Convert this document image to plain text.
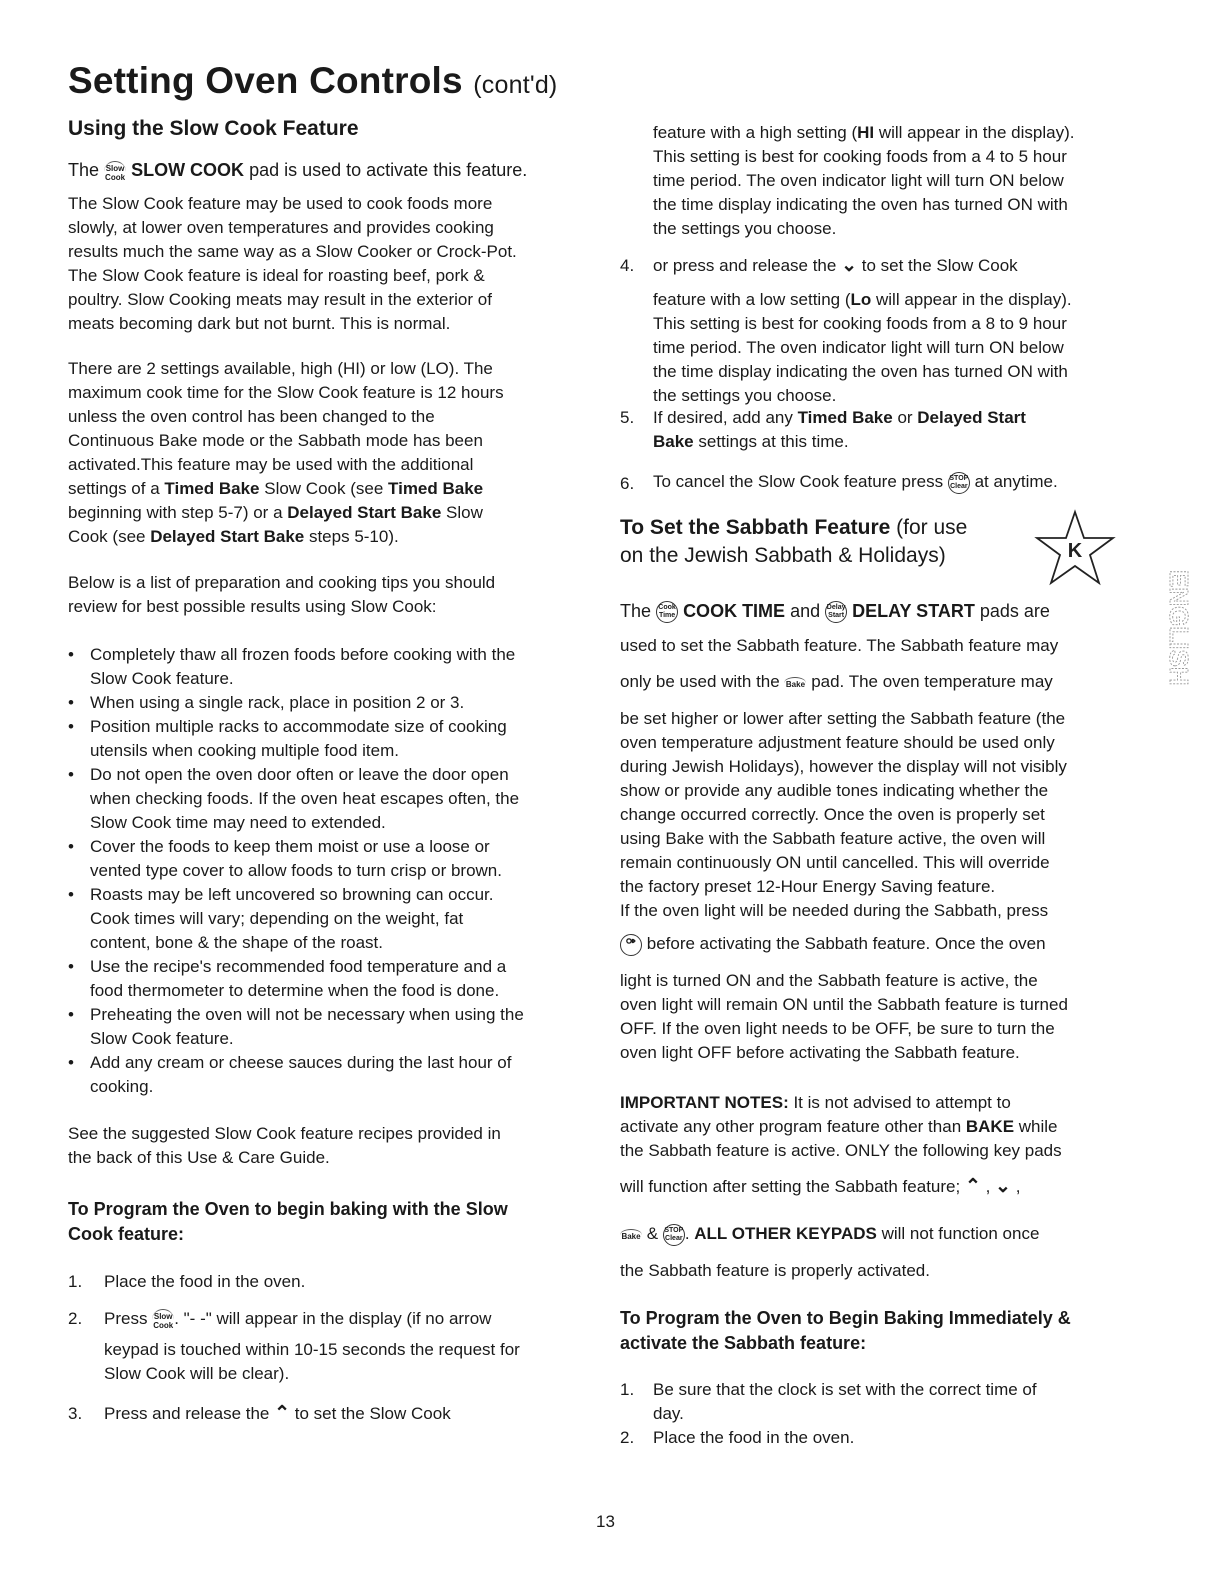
Setting Oven Controls (cont'd)
Using the Slow Cook Feature
The Slow
Cook SLOW COOK pad is used to activate this feature.
The Slow Cook feature may be used to cook foods more
slowly, at lower oven temperatures and provides cooking
results much the same way as a Slow Cooker or Crock-Pot.
The Slow Cook feature is ideal for roasting beef, pork &
poultry. Slow Cooking meats may result in the exterior of
meats becoming dark but not burnt. This is normal.
There are 2 settings available, high (HI) or low (LO). The
maximum cook time for the Slow Cook feature is 12 hours
unless the oven control has been changed to the
Continuous Bake mode or the Sabbath mode has been
activated.This feature may be used with the additional
settings of a Timed Bake Slow Cook (see Timed Bake
beginning with step 5-7) or a Delayed Start Bake Slow
Cook (see Delayed Start Bake steps 5-10).
Below is a list of preparation and cooking tips you should
review for best possible results using Slow Cook:
• Completely thaw all frozen foods before cooking with the
Slow Cook feature.
• When using a single rack, place in position 2 or 3.
• Position multiple racks to accommodate size of cooking
utensils when cooking multiple food item.
• Do not open the oven door often or leave the door open
when checking foods. If the oven heat escapes often, the
Slow Cook time may need to extended.
• Cover the foods to keep them moist or use a loose or
vented type cover to allow foods to turn crisp or brown.
• Roasts may be left uncovered so browning can occur.
Cook times will vary; depending on the weight, fat
content, bone & the shape of the roast.
• Use the recipe's recommended food temperature and a
food thermometer to determine when the food is done.
• Preheating the oven will not be necessary when using the
Slow Cook feature.
• Add any cream or cheese sauces during the last hour of
cooking.
See the suggested Slow Cook feature recipes provided in
the back of this Use & Care Guide.
To Program the Oven to begin baking with the Slow
Cook feature:
1. Place the food in the oven.
2. Press Slow
Cook. "- -" will appear in the display (if no arrow
keypad is touched within 10-15 seconds the request for
Slow Cook will be clear).
3. Press and release the ⌃ to set the Slow Cook
feature with a high setting (HI will appear in the display).
This setting is best for cooking foods from a 4 to 5 hour
time period. The oven indicator light will turn ON below
the time display indicating the oven has turned ON with
the settings you choose.
4. or press and release the ⌄ to set the Slow Cook
feature with a low setting (Lo will appear in the display).
This setting is best for cooking foods from a 8 to 9 hour
time period. The oven indicator light will turn ON below
the time display indicating the oven has turned ON with
the settings you choose.
5. If desired, add any Timed Bake or Delayed Start
Bake settings at this time.
6. To cancel the Slow Cook feature press STOP
Clear at anytime.
To Set the Sabbath Feature (for use
on the Jewish Sabbath & Holidays)	K
The Cook
Time COOK TIME and Delay
Start DELAY START pads are
used to set the Sabbath feature. The Sabbath feature may
only be used with the Bake pad. The oven temperature may
be set higher or lower after setting the Sabbath feature (the
oven temperature adjustment feature should be used only
during Jewish Holidays), however the display will not visibly
show or provide any audible tones indicating whether the
change occurred correctly. Once the oven is properly set
using Bake with the Sabbath feature active, the oven will
remain continuously ON until cancelled. This will override
the factory preset 12-Hour Energy Saving feature.
If the oven light will be needed during the Sabbath, press
⚩ before activating the Sabbath feature. Once the oven
light is turned ON and the Sabbath feature is active, the
oven light will remain ON until the Sabbath feature is turned
OFF. If the oven light needs to be OFF, be sure to turn the
oven light OFF before activating the Sabbath feature.
IMPORTANT NOTES: It is not advised to attempt to
activate any other program feature other than BAKE while
the Sabbath feature is active. ONLY the following key pads
will function after setting the Sabbath feature; ⌃ , ⌄ ,
Bake & STOP
Clear . ALL OTHER KEYPADS will not function once
the Sabbath feature is properly activated.
To Program the Oven to Begin Baking Immediately &
activate the Sabbath feature:
1. Be sure that the clock is set with the correct time of
day.
2. Place the food in the oven.
ENGLISH
13
